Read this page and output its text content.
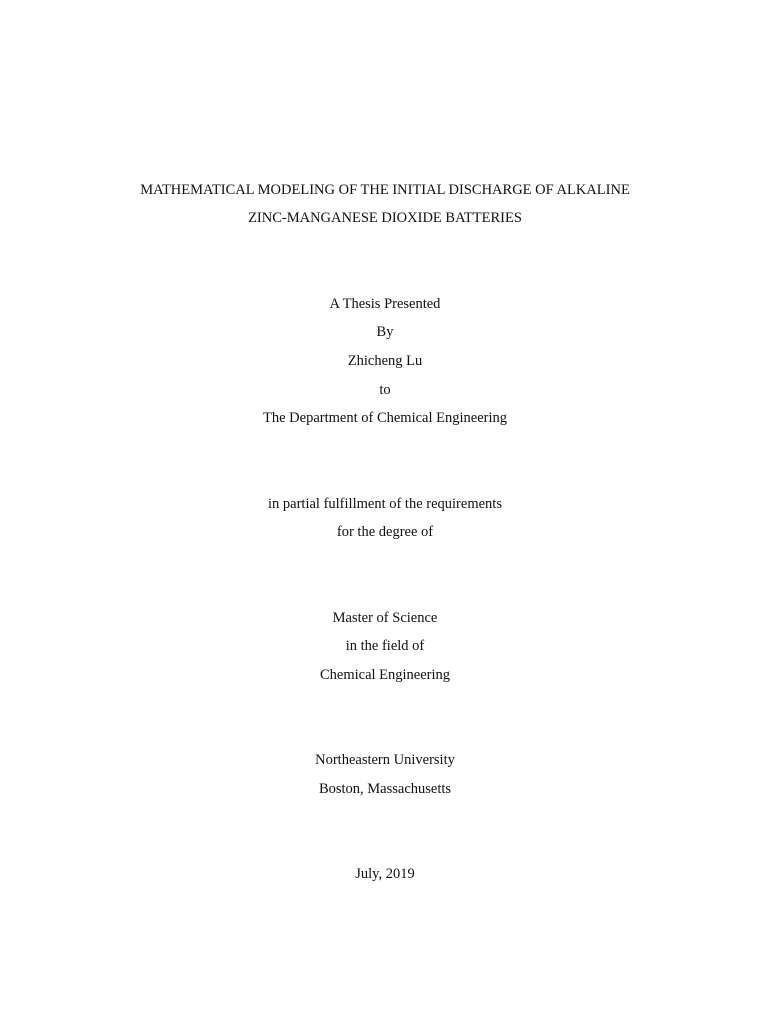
MATHEMATICAL MODELING OF THE INITIAL DISCHARGE OF ALKALINE
ZINC-MANGANESE DIOXIDE BATTERIES
A Thesis Presented
By
Zhicheng Lu
to
The Department of Chemical Engineering
in partial fulfillment of the requirements
for the degree of
Master of Science
in the field of
Chemical Engineering
Northeastern University
Boston, Massachusetts
July, 2019
